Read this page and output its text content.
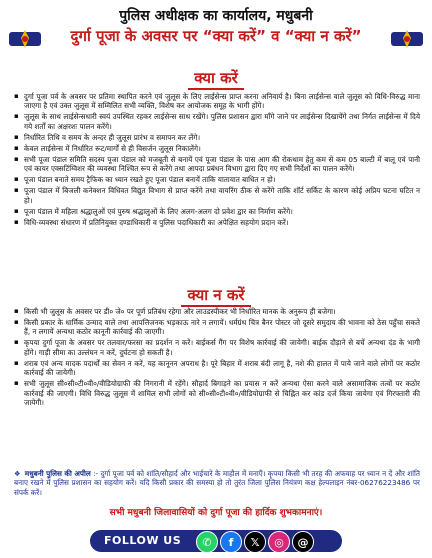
पुलिस अधीक्षक का कार्यालय, मधुबनी
दुर्गा पूजा के अवसर पर “क्या करें” व “क्या न करें”
क्या करें
▪ दुर्गा पूजा पर्व के अवसर पर प्रतिमा स्थापित करने एवं जुलूस के लिए लाईसेन्स प्राप्त करना अनिवार्य है। बिना लाईसेन्स वाले जुलूस को विधि-विरुद्ध माना जाएगा है एवं उक्त जुलूस में सम्मिलित सभी व्यक्ति, विशेष कर आयोजक समूह के भागी होंगे।
▪ जुलूस के साथ लाईसेन्सधारी स्वयं उपस्थित रहकर लाईसेन्स साथ रखेंगे। पुलिस प्रशासन द्वारा माँगे जाने पर लाईसेन्स दिखायेंगे तथा निर्गत लाईसेन्स में दिये गये शर्तों का अक्षरशः पालन करेंगे।
▪ निर्धारित तिथि व समय के अन्दर ही जुलूस प्रारंभ व समापन कर लेंगे।
▪ केवल लाईसेन्स में निर्धारित रूट/मार्गों से ही विसर्जन जुलूस निकालेंगे।
▪ सभी पूजा पंडाल समिति सदस्य पूजा पंडाल को मजबूती से बनायें एवं पूजा पंडाल के पास आग की रोकथाम हेतु कम से कम 05 बाल्टी में बालू एवं पानी एवं कायर एक्सटिंग्विशर की व्यवस्था निश्चित रूप से करेंगे तथा आपदा प्रबंधन विभाग द्वारा दिए गए सभी निर्देशों का पालन करेंगे।
▪ पूजा पंडाल बनाते समय ट्रैफिक का ध्यान रखते हुए पूजा पंडाल बनायें ताकि यातायात बाधित न हो।
▪ पूजा पंडाल में बिजली कनेक्शन विधिवत विद्युत विभाग से प्राप्त करेंगे तथा वायरिंग ठीक से करेंगे ताकि शॉर्ट सर्किट के कारण कोई अप्रिय घटना घटित न हो।
▪ पूजा पंडाल में महिला श्रद्धालुओं एवं पुरुष श्रद्धालुओं के लिए अलग-अलग दो प्रवेश द्वार का निर्माण करेंगे।
▪ विधि-व्यवस्था संधारण में प्रतिनियुक्त दण्डाधिकारी व पुलिस पदाधिकारी का अपेक्षित सहयोग प्रदान करें।
क्या न करें
▪ किसी भी जुलूस के अवसर पर डी० जे० पर पूर्ण प्रतिबंध रहेगा और लाउडस्पीकर भी निर्धारित मानक के अनुरूप ही बजेगा।
▪ किसी प्रकार के धार्मिक उन्माद वाले तथा आपत्तिजनक भड़काऊ नारे न लगायें। धर्मग्रंथ चित्र बैनर पोस्टर जो दूसरे समुदाय की भावना को ठेस पहुँचा सकते हैं, न लगायें अन्यथा कठोर कानूनी कार्रवाई की जाएगी।
▪ कृपया दुर्गा पूजा के अवसर पर तलवार/फरसा का प्रदर्शन न करें। बाईकर्स गैंग पर विशेष कार्रवाई की जायेगी। बाईक दौड़ाने से बचें अन्यथा दंड के भागी होंगे। गाड़ी सीमा का उल्लंघन न करें, दुर्घटना हो सकती है।
▪ शराब एवं अन्य मादक पदार्थों का सेवन न करें, यह कानूनन अपराध है। पूरे बिहार में शराब बंदी लागू है, नशे की हालत में पाये जाने वाले लोगों पर कठोर कार्रवाई की जायेगी।
▪ सभी जुलूस सी०सी०टी०वी०/वीडियोग्राफी की निगरानी में रहेंगे। सौहार्द बिगाड़ने का प्रयास न करें अन्यथा ऐसा करने वाले असामाजिक तत्वों पर कठोर कार्रवाई की जाएगी। विधि विरुद्ध जुलूस में शामिल सभी लोगों को सी०सी०टी०वी०/वीडियोग्राफी से चिह्नित कर कांड दर्ज किया जायेगा एवं गिरफ्तारी की जायेगी।
❖ मधुबनी पुलिस की अपील :- दुर्गा पूजा पर्व को शांति/सौहार्द और भाईचारे के माहौल में मनाएँ। कृपया किसी भी तरह की अफवाह पर ध्यान न दें और शांति बनाए रखने में पुलिस प्रशासन का सहयोग करें। यदि किसी प्रकार की समस्या हो तो तुरंत जिला पुलिस नियंत्रण कक्ष हेल्पलाइन नंबर-06276223486 पर संपर्क करें।
सभी मधुबनी जिलावासियों को दुर्गा पूजा की हार्दिक शुभकामनाएं।
FOLLOW US	✆	f	𝕏	◎	@
